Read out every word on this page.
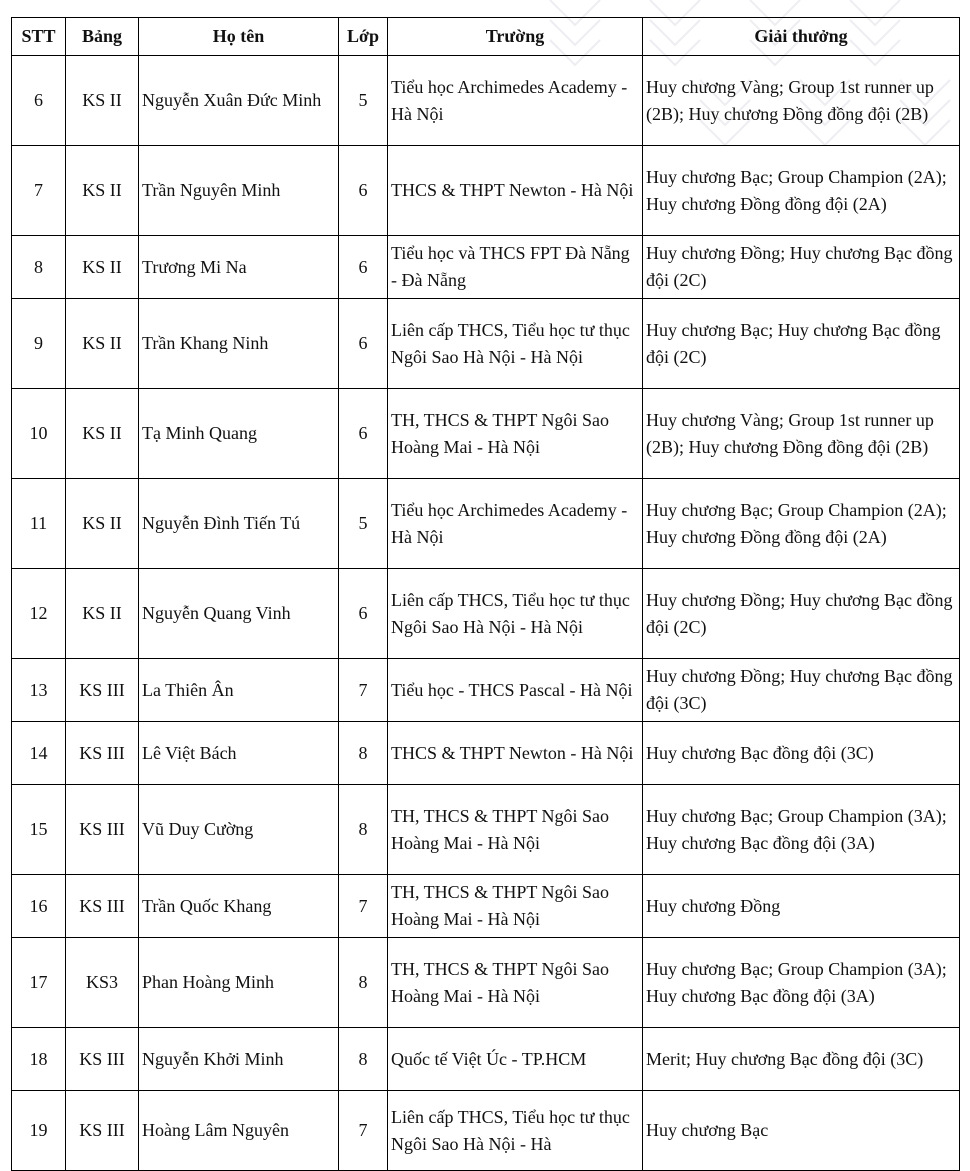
STT	Bảng	Họ tên	Lớp	Trường	Giải thưởng
6	KS II	Nguyễn Xuân Đức Minh	5	Tiểu học Archimedes Academy - Hà Nội	Huy chương Vàng; Group 1st runner up (2B); Huy chương Đồng đồng đội (2B)
7	KS II	Trần Nguyên Minh	6	THCS & THPT Newton - Hà Nội	Huy chương Bạc; Group Champion (2A); Huy chương Đồng đồng đội (2A)
8	KS II	Trương Mi Na	6	Tiểu học và THCS FPT Đà Nẵng - Đà Nẵng	Huy chương Đồng; Huy chương Bạc đồng đội (2C)
9	KS II	Trần Khang Ninh	6	Liên cấp THCS, Tiểu học tư thục Ngôi Sao Hà Nội - Hà Nội	Huy chương Bạc; Huy chương Bạc đồng đội (2C)
10	KS II	Tạ Minh Quang	6	TH, THCS & THPT Ngôi Sao Hoàng Mai - Hà Nội	Huy chương Vàng; Group 1st runner up (2B); Huy chương Đồng đồng đội (2B)
11	KS II	Nguyễn Đình Tiến Tú	5	Tiểu học Archimedes Academy - Hà Nội	Huy chương Bạc; Group Champion (2A); Huy chương Đồng đồng đội (2A)
12	KS II	Nguyễn Quang Vinh	6	Liên cấp THCS, Tiểu học tư thục Ngôi Sao Hà Nội - Hà Nội	Huy chương Đồng; Huy chương Bạc đồng đội (2C)
13	KS III	La Thiên Ân	7	Tiểu học - THCS Pascal - Hà Nội	Huy chương Đồng; Huy chương Bạc đồng đội (3C)
14	KS III	Lê Việt Bách	8	THCS & THPT Newton - Hà Nội	Huy chương Bạc đồng đội (3C)
15	KS III	Vũ Duy Cường	8	TH, THCS & THPT Ngôi Sao Hoàng Mai - Hà Nội	Huy chương Bạc; Group Champion (3A); Huy chương Bạc đồng đội (3A)
16	KS III	Trần Quốc Khang	7	TH, THCS & THPT Ngôi Sao Hoàng Mai - Hà Nội	Huy chương Đồng
17	KS3	Phan Hoàng Minh	8	TH, THCS & THPT Ngôi Sao Hoàng Mai - Hà Nội	Huy chương Bạc; Group Champion (3A); Huy chương Bạc đồng đội (3A)
18	KS III	Nguyễn Khởi Minh	8	Quốc tế Việt Úc - TP.HCM	Merit; Huy chương Bạc đồng đội (3C)
19	KS III	Hoàng Lâm Nguyên	7	Liên cấp THCS, Tiểu học tư thục Ngôi Sao Hà Nội - Hà	Huy chương Bạc
